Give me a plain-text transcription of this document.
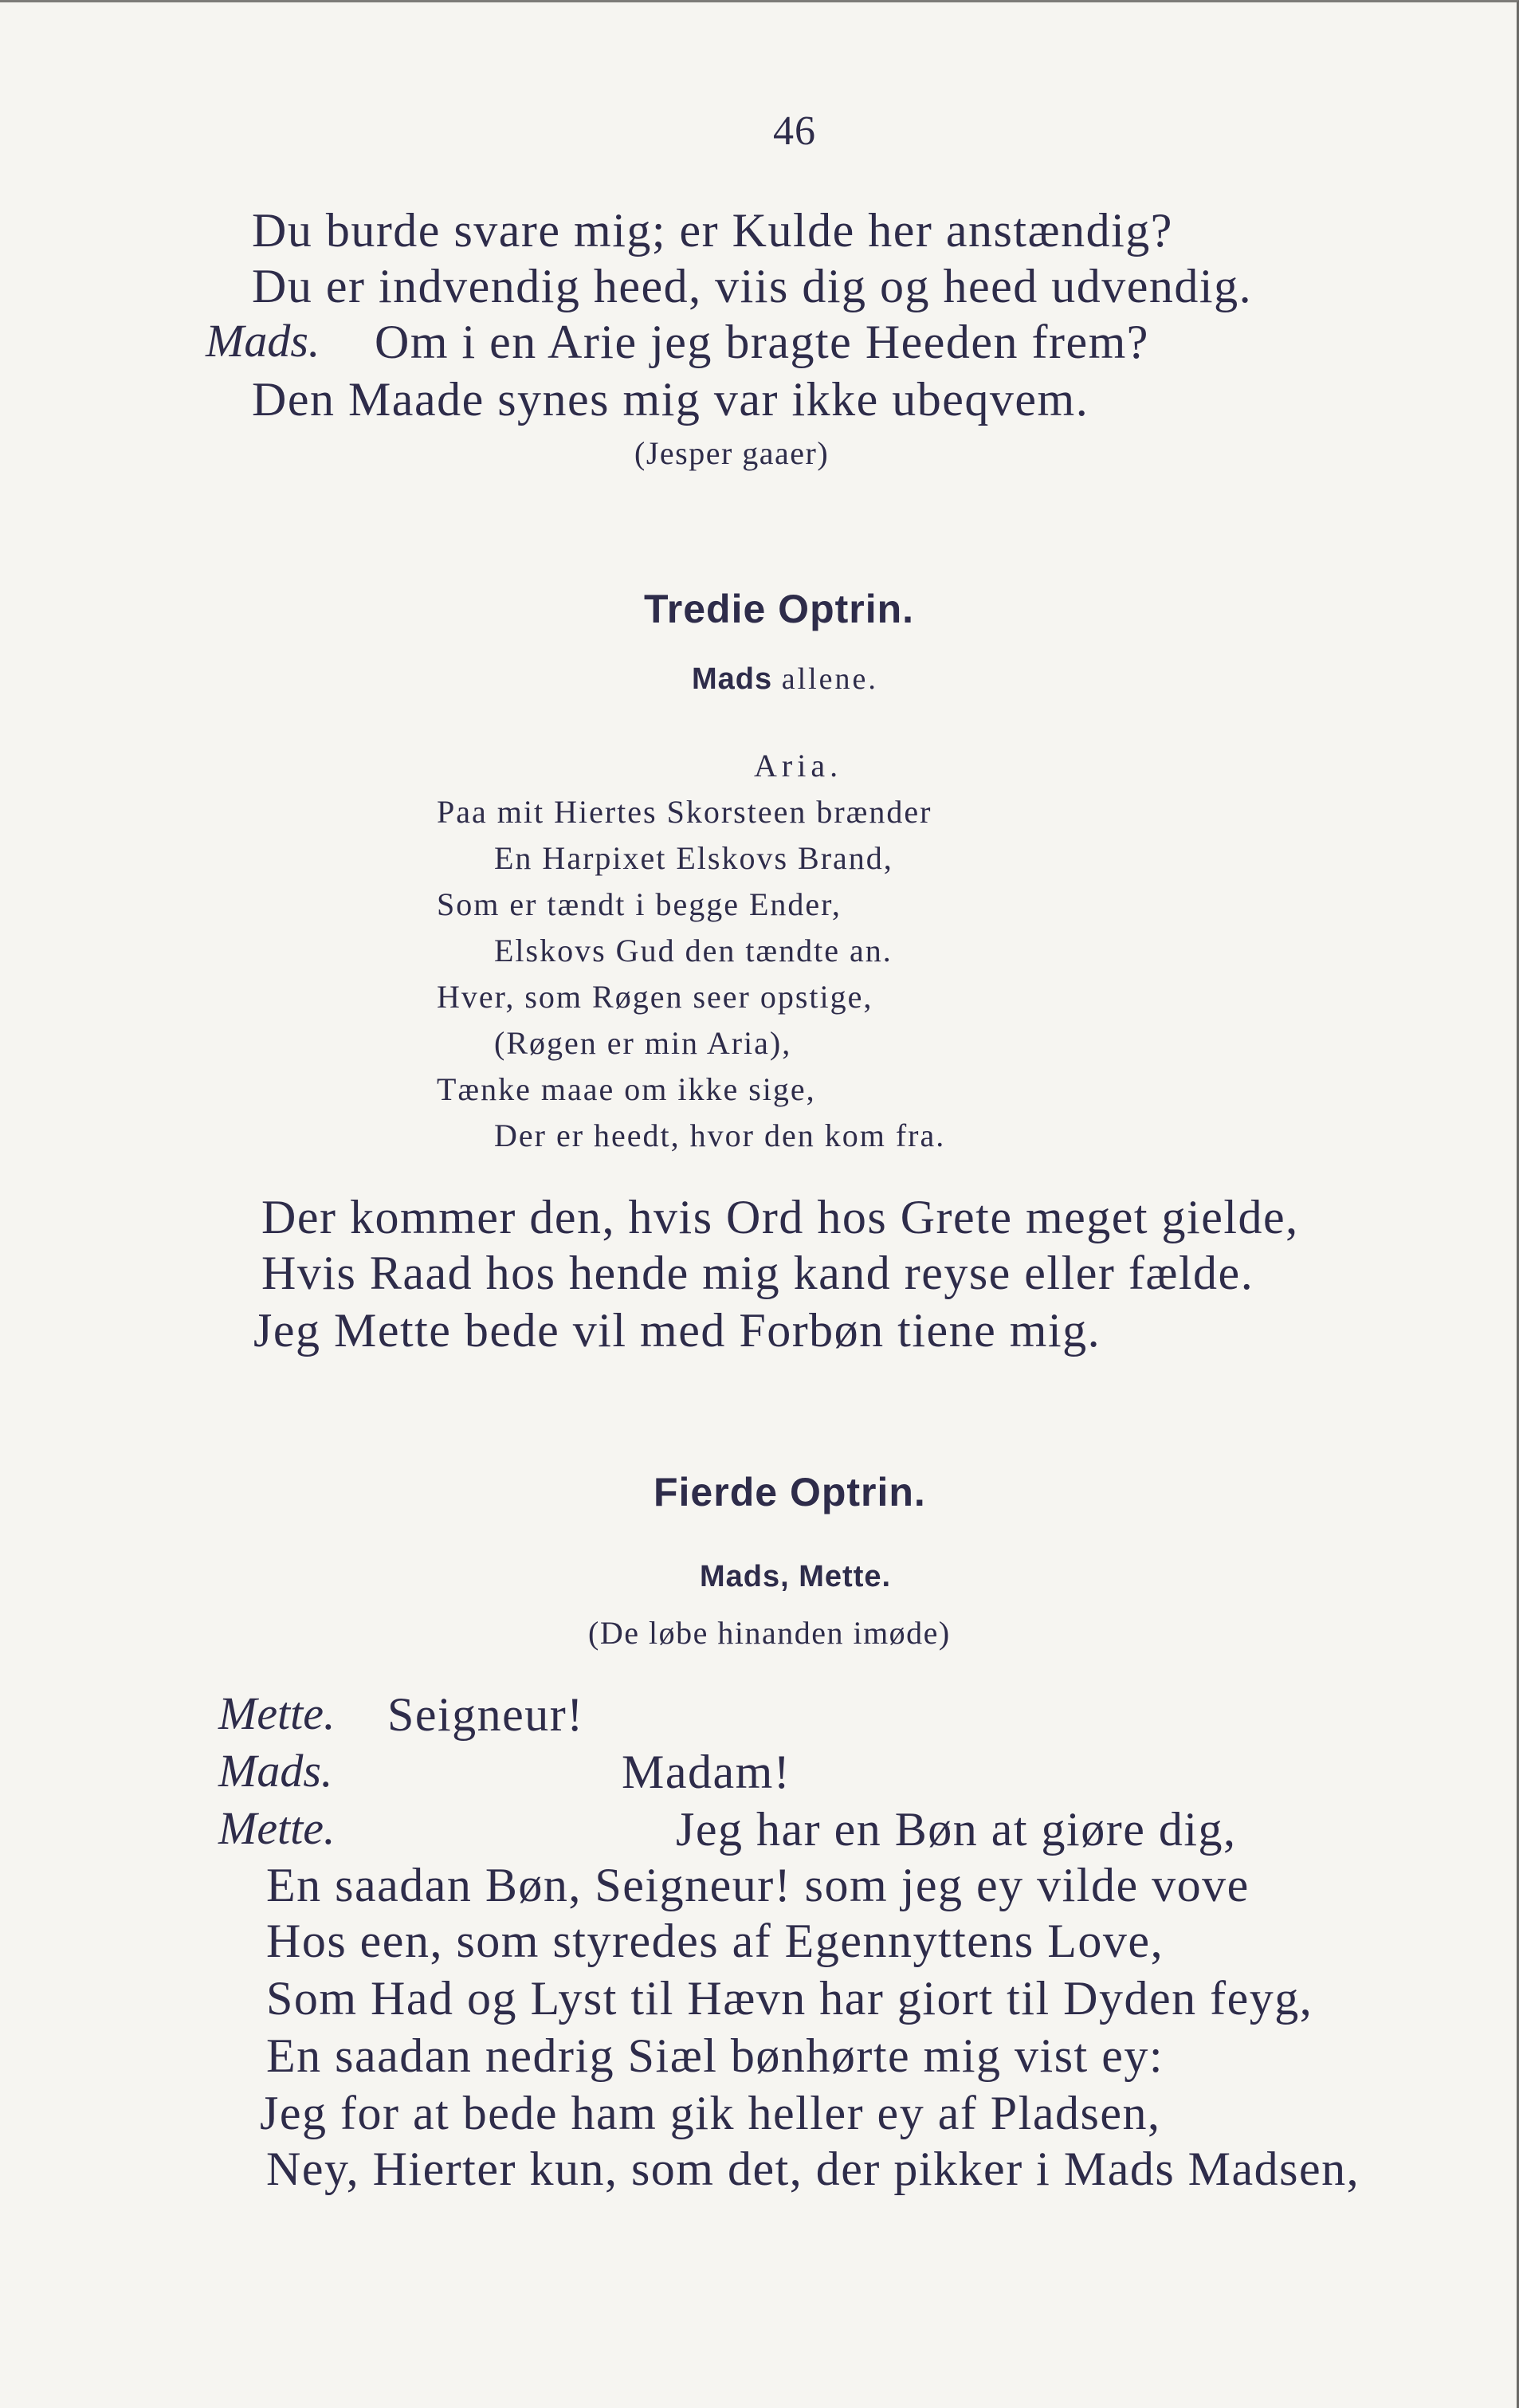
46
Du burde svare mig; er Kulde her anstændig?
Du er indvendig heed, viis dig og heed udvendig.
Mads. Om i en Arie jeg bragte Heeden frem?
Den Maade synes mig var ikke ubeqvem.
(Jesper gaaer)
Tredie Optrin.
Mads allene.
Aria.
Paa mit Hiertes Skorsteen brænder
En Harpixet Elskovs Brand,
Som er tændt i begge Ender,
Elskovs Gud den tændte an.
Hver, som Røgen seer opstige,
(Røgen er min Aria),
Tænke maae om ikke sige,
Der er heedt, hvor den kom fra.
Der kommer den, hvis Ord hos Grete meget gielde,
Hvis Raad hos hende mig kand reyse eller fælde.
Jeg Mette bede vil med Forbøn tiene mig.
Fierde Optrin.
Mads, Mette.
(De løbe hinanden imøde)
Mette. Seigneur!
Mads.	Madam!
Mette.	Jeg har en Bøn at giøre dig,
En saadan Bøn, Seigneur! som jeg ey vilde vove
Hos een, som styredes af Egennyttens Love,
Som Had og Lyst til Hævn har giort til Dyden feyg,
En saadan nedrig Siæl bønhørte mig vist ey:
Jeg for at bede ham gik heller ey af Pladsen,
Ney, Hierter kun, som det, der pikker i Mads Madsen,
